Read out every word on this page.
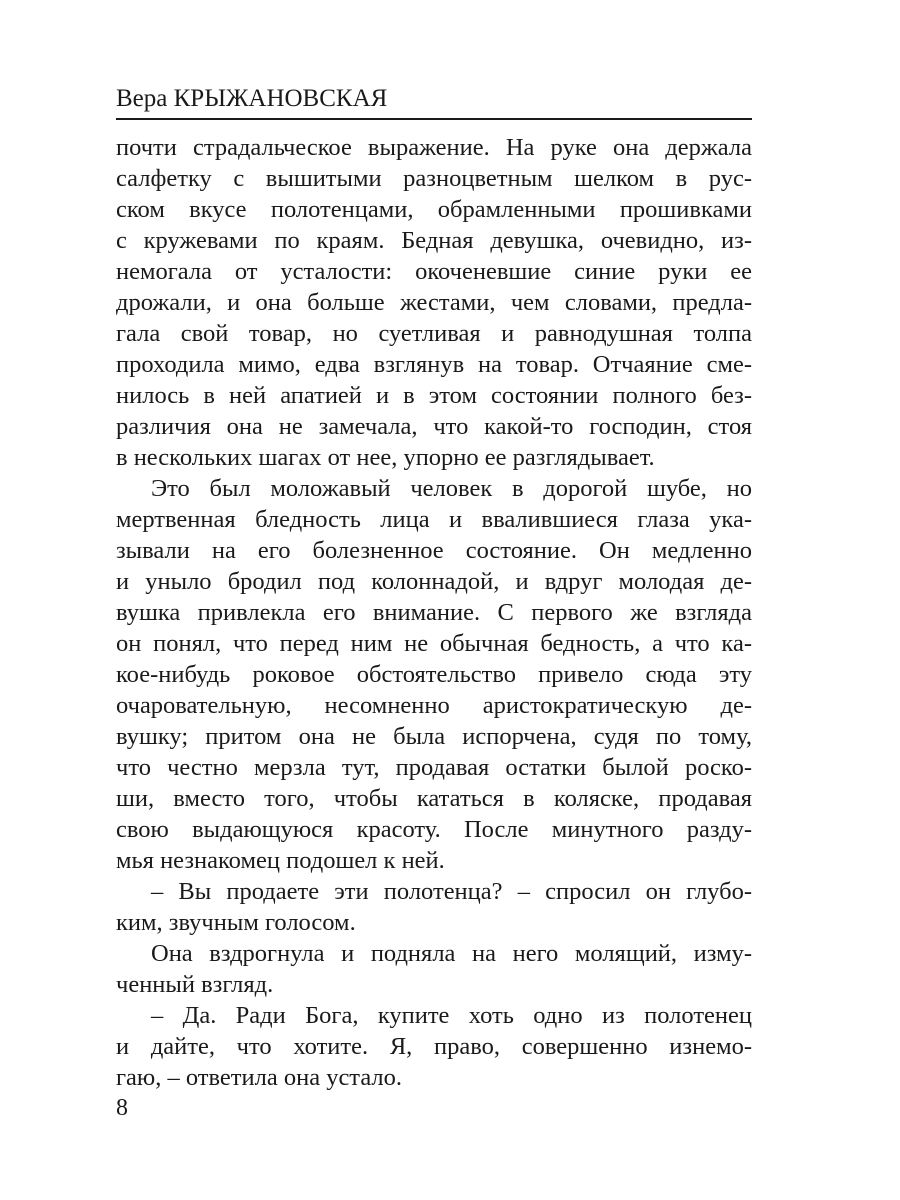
Вера КРЫЖАНОВСКАЯ
почти страдальческое выражение. На руке она держала
салфетку с вышитыми разноцветным шелком в рус-
ском вкусе полотенцами, обрамленными прошивками
с кружевами по краям. Бедная девушка, очевидно, из-
немогала от усталости: окоченевшие синие руки ее
дрожали, и она больше жестами, чем словами, предла-
гала свой товар, но суетливая и равнодушная толпа
проходила мимо, едва взглянув на товар. Отчаяние сме-
нилось в ней апатией и в этом состоянии полного без-
различия она не замечала, что какой-то господин, стоя
в нескольких шагах от нее, упорно ее разглядывает.
Это был моложавый человек в дорогой шубе, но
мертвенная бледность лица и ввалившиеся глаза ука-
зывали на его болезненное состояние. Он медленно
и уныло бродил под колоннадой, и вдруг молодая де-
вушка привлекла его внимание. С первого же взгляда
он понял, что перед ним не обычная бедность, а что ка-
кое-нибудь роковое обстоятельство привело сюда эту
очаровательную, несомненно аристократическую де-
вушку; притом она не была испорчена, судя по тому,
что честно мерзла тут, продавая остатки былой роско-
ши, вместо того, чтобы кататься в коляске, продавая
свою выдающуюся красоту. После минутного разду-
мья незнакомец подошел к ней.
– Вы продаете эти полотенца? – спросил он глубо-
ким, звучным голосом.
Она вздрогнула и подняла на него молящий, изму-
ченный взгляд.
– Да. Ради Бога, купите хоть одно из полотенец
и дайте, что хотите. Я, право, совершенно изнемо-
гаю, – ответила она устало.
8
